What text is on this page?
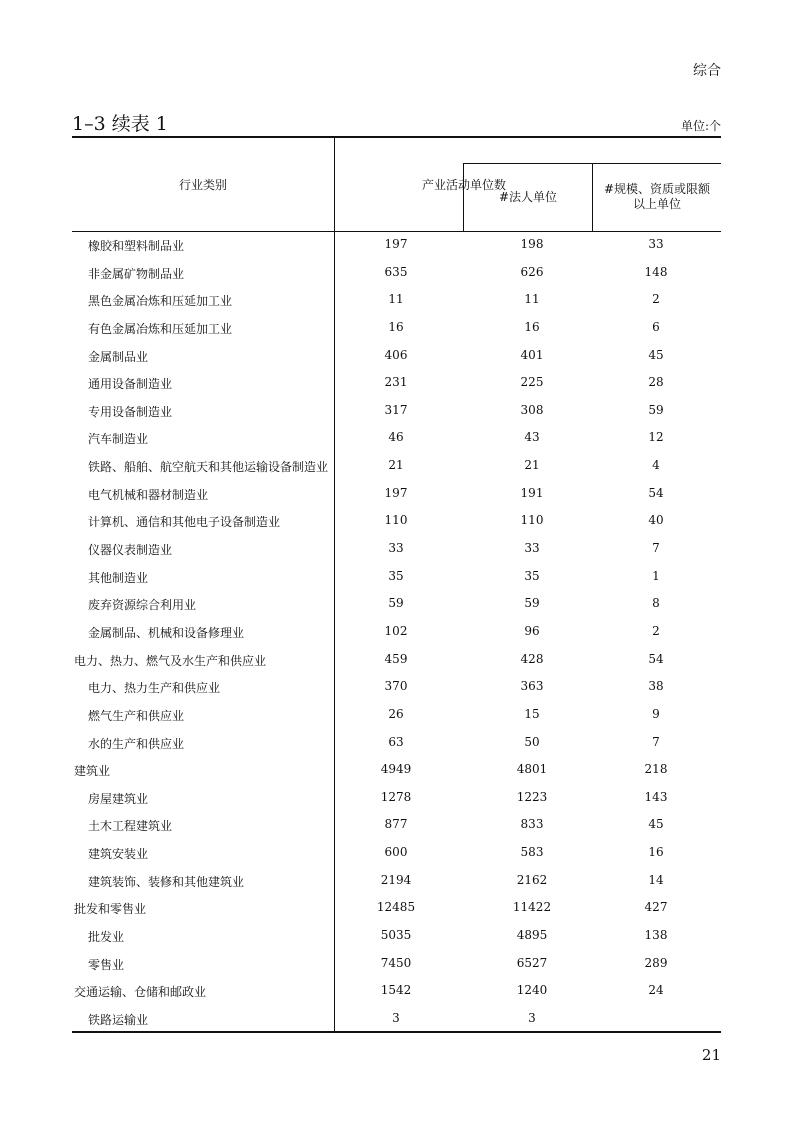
综合
1–3 续表 1	单位:个
行业类别	产业活动单位数
#法人单位
#规模、资质或限额
以上单位
橡胶和塑料制品业	197	198	33
非金属矿物制品业	635	626	148
黑色金属冶炼和压延加工业	11	11	2
有色金属冶炼和压延加工业	16	16	6
金属制品业	406	401	45
通用设备制造业	231	225	28
专用设备制造业	317	308	59
汽车制造业	46	43	12
铁路、船舶、航空航天和其他运输设备制造业	21	21	4
电气机械和器材制造业	197	191	54
计算机、通信和其他电子设备制造业	110	110	40
仪器仪表制造业	33	33	7
其他制造业	35	35	1
废弃资源综合利用业	59	59	8
金属制品、机械和设备修理业	102	96	2
电力、热力、燃气及水生产和供应业	459	428	54
电力、热力生产和供应业	370	363	38
燃气生产和供应业	26	15	9
水的生产和供应业	63	50	7
建筑业	4949	4801	218
房屋建筑业	1278	1223	143
土木工程建筑业	877	833	45
建筑安装业	600	583	16
建筑装饰、装修和其他建筑业	2194	2162	14
批发和零售业	12485	11422	427
批发业	5035	4895	138
零售业	7450	6527	289
交通运输、仓储和邮政业	1542	1240	24
铁路运输业	3	3
21
